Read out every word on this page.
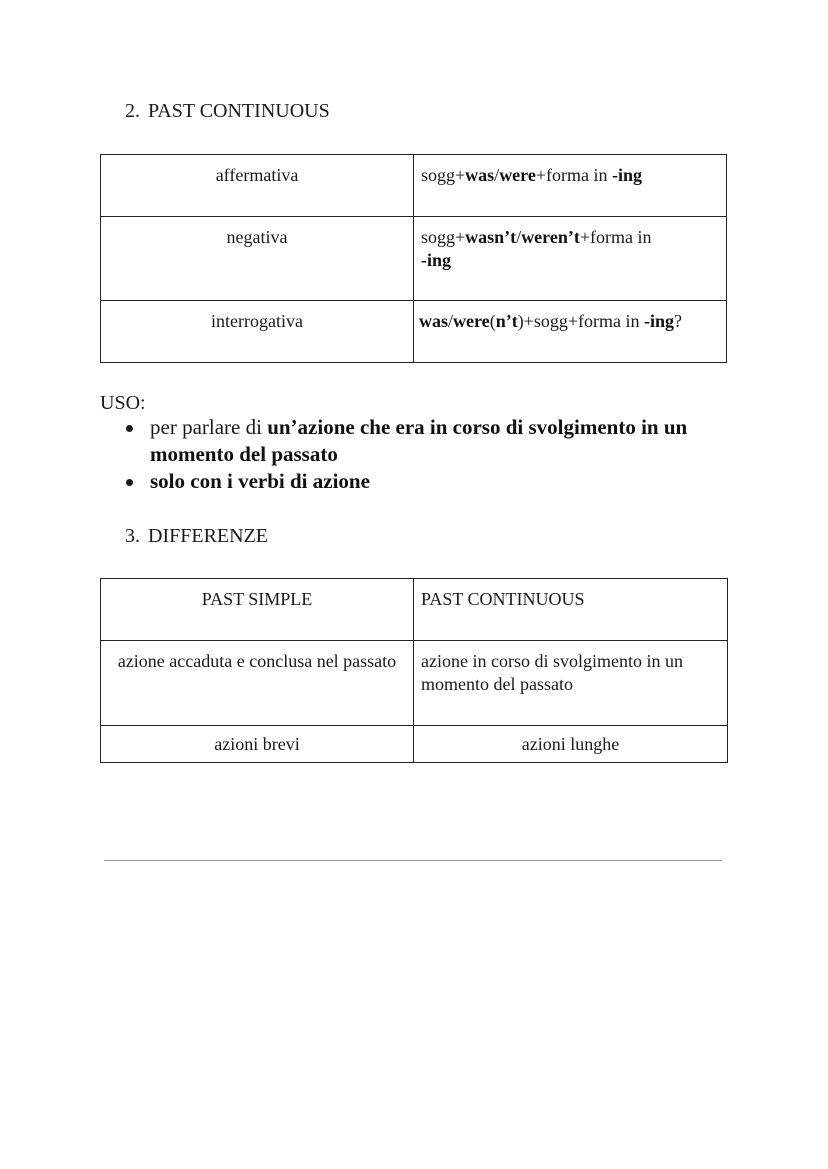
2. PAST CONTINUOUS
affermativa	sogg+was/were+forma in -ing
negativa	sogg+wasn’t/weren’t+forma in
-ing
interrogativa	was/were(n’t)+sogg+forma in -ing?
USO:
per parlare di un’azione che era in corso di svolgimento in un momento del passato
solo con i verbi di azione
3. DIFFERENZE
PAST SIMPLE	PAST CONTINUOUS
azione accaduta e conclusa nel passato	azione in corso di svolgimento in un momento del passato
azioni brevi	azioni lunghe
